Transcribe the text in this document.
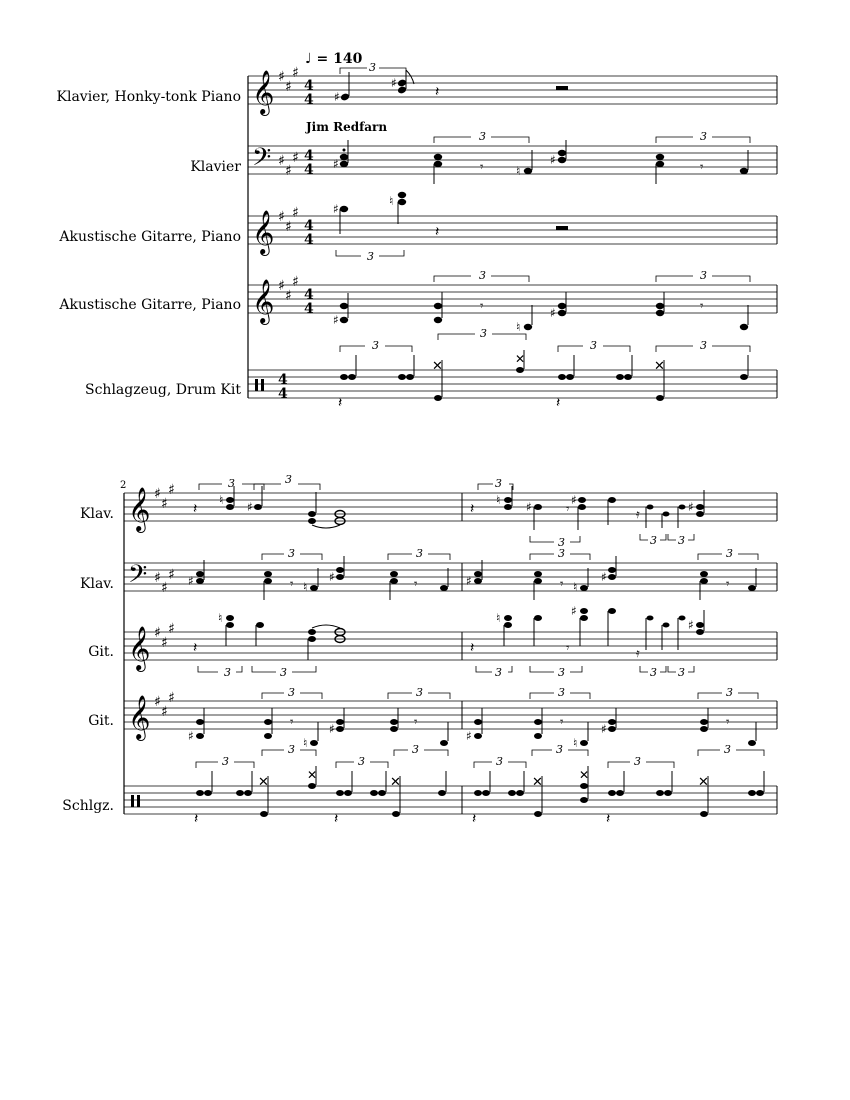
♩ = 140
Jim Redfarn
Klavier, Honky-tonk Piano
Klavier
Akustische Gitarre, Piano
Akustische Gitarre, Piano
Schlagzeug, Drum Kit
𝄞
𝄢
𝄞
𝄞
♯
♯
♯
♯
♯
♯
♯
♯
♯
♯
♯
♯
4
4
4
4
4
4
4
4
4
4
♯
♯
𝄽
3
♯	𝄾	♮
♯	𝄾
3	3
♯
♮
𝄽
3
♯
𝄾
♮
♯	𝄾
3	3
𝄽
✕	✕
𝄽
✕
3
3
3	3
2
Klav.
Klav.
Git.
Git.
Schlgz.
𝄞
𝄢
𝄞
𝄞
♯
♯
♯
♯
♯
♯
♯
♯
♯
♯
♯
♯
𝄽
♮ ♯
3	3
𝄽
♮ ♯	𝄾
♯
𝄿	♯
3
3	3 3
♯	𝄾 ♮
♯	𝄾
3	3
♯	𝄾 ♮
♯	𝄾
3	3
𝄽
♮
3	3
𝄽
♮
𝄾
♯
𝄿
♯
3	3	3 3
♯
𝄾
♮
♯	𝄾
3	3
♯
𝄾
♮
♯	𝄾
3	3
𝄽
✕	✕
𝄽
✕
3
3
3
3
𝄽
✕	✕
𝄽
✕
3
3
3
3
